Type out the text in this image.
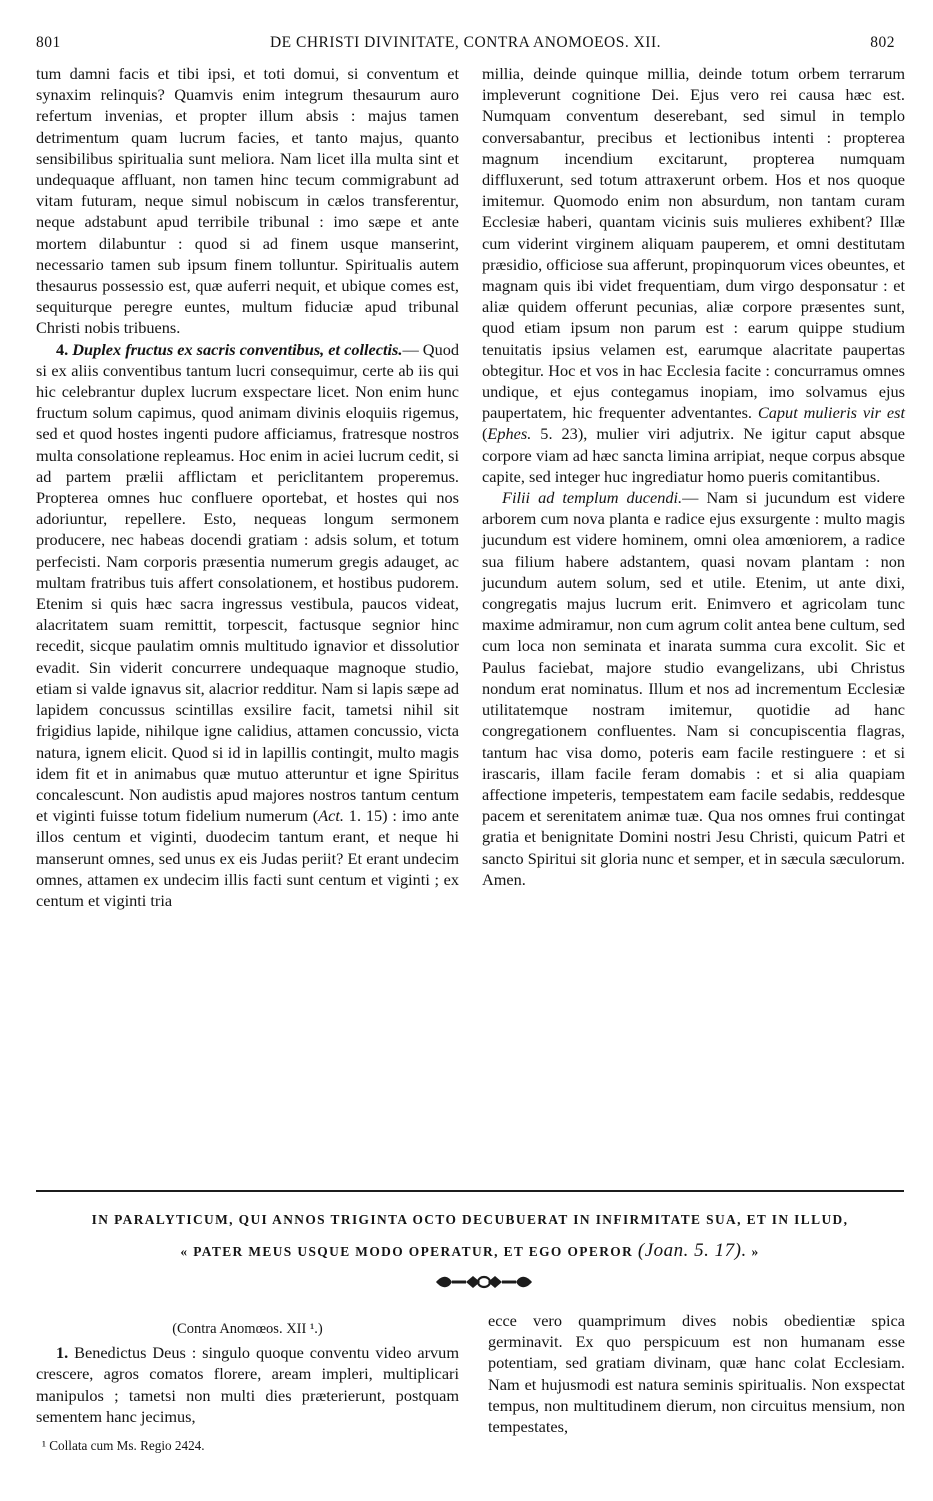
801	DE CHRISTI DIVINITATE, CONTRA ANOMOEOS. XII.	802

tum damni facis et tibi ipsi, et toti domui, si conventum et synaxim relinquis? Quamvis enim integrum thesaurum auro refertum invenias, et propter illum absis : majus tamen detrimentum quam lucrum facies, et tanto majus, quanto sensibilibus spiritualia sunt meliora. Nam licet illa multa sint et undequaque affluant, non tamen hinc tecum commigrabunt ad vitam futuram, neque simul nobiscum in cælos transferentur, neque adstabunt apud terribile tribunal : imo sæpe et ante mortem dilabuntur : quod si ad finem usque manserint, necessario tamen sub ipsum finem tolluntur. Spiritualis autem thesaurus possessio est, quæ auferri nequit, et ubique comes est, sequiturque peregre euntes, multum fiduciæ apud tribunal Christi nobis tribuens.

4. Duplex fructus ex sacris conventibus, et collectis.— Quod si ex aliis conventibus tantum lucri consequimur, certe ab iis qui hic celebrantur duplex lucrum exspectare licet. Non enim hunc fructum solum capimus, quod animam divinis eloquiis rigemus, sed et quod hostes ingenti pudore afficiamus, fratresque nostros multa consolatione repleamus. Hoc enim in aciei lucrum cedit, si ad partem prælii afflictam et periclitantem properemus. Propterea omnes huc confluere oportebat, et hostes qui nos adoriuntur, repellere. Esto, nequeas longum sermonem producere, nec habeas docendi gratiam : adsis solum, et totum perfecisti. Nam corporis præsentia numerum gregis adauget, ac multam fratribus tuis affert consolationem, et hostibus pudorem. Etenim si quis hæc sacra ingressus vestibula, paucos videat, alacritatem suam remittit, torpescit, factusque segnior hinc recedit, sicque paulatim omnis multitudo ignavior et dissolutior evadit. Sin viderit concurrere undequaque magnoque studio, etiam si valde ignavus sit, alacrior redditur. Nam si lapis sæpe ad lapidem concussus scintillas exsilire facit, tametsi nihil sit frigidius lapide, nihilque igne calidius, attamen concussio, victa natura, ignem elicit. Quod si id in lapillis contingit, multo magis idem fit et in animabus quæ mutuo atteruntur et igne Spiritus concalescunt. Non audistis apud majores nostros tantum centum et viginti fuisse totum fidelium numerum (Act. 1. 15) : imo ante illos centum et viginti, duodecim tantum erant, et neque hi manserunt omnes, sed unus ex eis Judas periit? Et erant undecim omnes, attamen ex undecim illis facti sunt centum et viginti ; ex centum et viginti tria

millia, deinde quinque millia, deinde totum orbem terrarum impleverunt cognitione Dei. Ejus vero rei causa hæc est. Numquam conventum deserebant, sed simul in templo conversabantur, precibus et lectionibus intenti : propterea magnum incendium excitarunt, propterea numquam diffluxerunt, sed totum attraxerunt orbem. Hos et nos quoque imitemur. Quomodo enim non absurdum, non tantam curam Ecclesiæ haberi, quantam vicinis suis mulieres exhibent? Illæ cum viderint virginem aliquam pauperem, et omni destitutam præsidio, officiose sua afferunt, propinquorum vices obeuntes, et magnam quis ibi videt frequentiam, dum virgo desponsatur : et aliæ quidem offerunt pecunias, aliæ corpore præsentes sunt, quod etiam ipsum non parum est : earum quippe studium tenuitatis ipsius velamen est, earumque alacritate paupertas obtegitur. Hoc et vos in hac Ecclesia facite : concurramus omnes undique, et ejus contegamus inopiam, imo solvamus ejus paupertatem, hic frequenter adventantes. Caput mulieris vir est (Ephes. 5. 23), mulier viri adjutrix. Ne igitur caput absque corpore viam ad hæc sancta limina arripiat, neque corpus absque capite, sed integer huc ingrediatur homo pueris comitantibus.

Filii ad templum ducendi.— Nam si jucundum est videre arborem cum nova planta e radice ejus exsurgente : multo magis jucundum est videre hominem, omni olea amœniorem, a radice sua filium habere adstantem, quasi novam plantam : non jucundum autem solum, sed et utile. Etenim, ut ante dixi, congregatis majus lucrum erit. Enimvero et agricolam tunc maxime admiramur, non cum agrum colit antea bene cultum, sed cum loca non seminata et inarata summa cura excolit. Sic et Paulus faciebat, majore studio evangelizans, ubi Christus nondum erat nominatus. Illum et nos ad incrementum Ecclesiæ utilitatemque nostram imitemur, quotidie ad hanc congregationem confluentes. Nam si concupiscentia flagras, tantum hac visa domo, poteris eam facile restinguere : et si irascaris, illam facile feram domabis : et si alia quapiam affectione impeteris, tempestatem eam facile sedabis, reddesque pacem et serenitatem animæ tuæ. Qua nos omnes frui contingat gratia et benignitate Domini nostri Jesu Christi, quicum Patri et sancto Spiritui sit gloria nunc et semper, et in sæcula sæculorum. Amen.

IN PARALYTICUM, QUI ANNOS TRIGINTA OCTO DECUBUERAT IN INFIRMITATE SUA, ET IN ILLUD,
« PATER MEUS USQUE MODO OPERATUR, ET EGO OPEROR (Joan. 5. 17). »

(Contra Anomœos. XII ¹.)

1. Benedictus Deus : singulo quoque conventu video arvum crescere, agros comatos florere, aream impleri, multiplicari manipulos ; tametsi non multi dies præterierunt, postquam sementem hanc jecimus,

¹ Collata cum Ms. Regio 2424.

ecce vero quamprimum dives nobis obedientiæ spica germinavit. Ex quo perspicuum est non humanam esse potentiam, sed gratiam divinam, quæ hanc colat Ecclesiam. Nam et hujusmodi est natura seminis spiritualis. Non exspectat tempus, non multitudinem dierum, non circuitus mensium, non tempestates,
